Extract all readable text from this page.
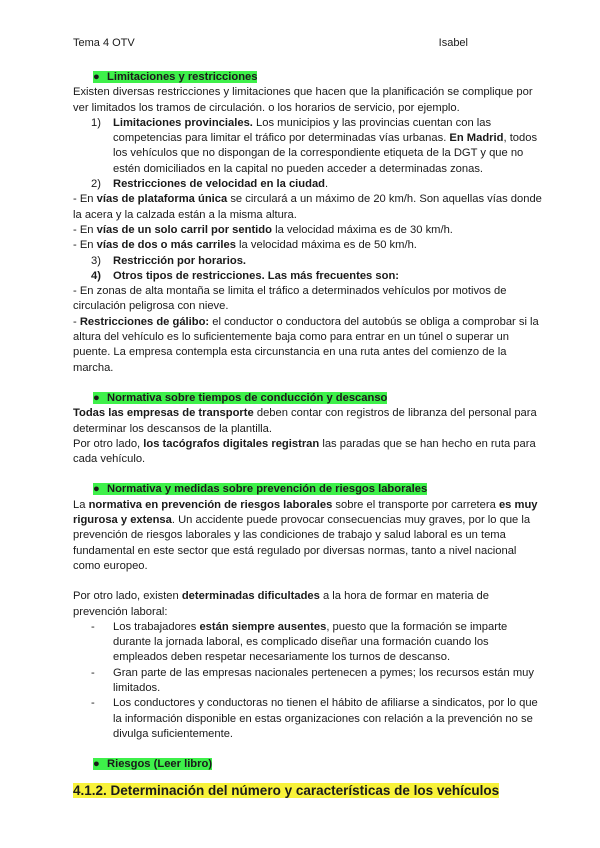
Tema 4 OTV	Isabel

● Limitaciones y restricciones

Existen diversas restricciones y limitaciones que hacen que la planificación se complique por ver limitados los tramos de circulación. o los horarios de servicio, por ejemplo.

1)	Limitaciones provinciales. Los municipios y las provincias cuentan con las competencias para limitar el tráfico por determinadas vías urbanas. En Madrid, todos los vehículos que no dispongan de la correspondiente etiqueta de la DGT y que no estén domiciliados en la capital no pueden acceder a determinadas zonas.
2)	Restricciones de velocidad en la ciudad.

- En vías de plataforma única se circulará a un máximo de 20 km/h. Son aquellas vías donde la acera y la calzada están a la misma altura.

- En vías de un solo carril por sentido la velocidad máxima es de 30 km/h.

- En vías de dos o más carriles la velocidad máxima es de 50 km/h.

3)	Restricción por horarios.
4)	Otros tipos de restricciones. Las más frecuentes son:

- En zonas de alta montaña se limita el tráfico a determinados vehículos por motivos de circulación peligrosa con nieve.

- Restricciones de gálibo: el conductor o conductora del autobús se obliga a comprobar si la altura del vehículo es lo suficientemente baja como para entrar en un túnel o superar un puente. La empresa contempla esta circunstancia en una ruta antes del comienzo de la marcha.

● Normativa sobre tiempos de conducción y descanso

Todas las empresas de transporte deben contar con registros de libranza del personal para determinar los descansos de la plantilla.

Por otro lado, los tacógrafos digitales registran las paradas que se han hecho en ruta para cada vehículo.

● Normativa y medidas sobre prevención de riesgos laborales

La normativa en prevención de riesgos laborales sobre el transporte por carretera es muy rigurosa y extensa. Un accidente puede provocar consecuencias muy graves, por lo que la prevención de riesgos laborales y las condiciones de trabajo y salud laboral es un tema fundamental en este sector que está regulado por diversas normas, tanto a nivel nacional como europeo.

Por otro lado, existen determinadas dificultades a la hora de formar en materia de prevención laboral:

-	Los trabajadores están siempre ausentes, puesto que la formación se imparte durante la jornada laboral, es complicado diseñar una formación cuando los empleados deben respetar necesariamente los turnos de descanso.
-	Gran parte de las empresas nacionales pertenecen a pymes; los recursos están muy limitados.
-	Los conductores y conductoras no tienen el hábito de afiliarse a sindicatos, por lo que la información disponible en estas organizaciones con relación a la prevención no se divulga suficientemente.

● Riesgos (Leer libro)

4.1.2. Determinación del número y características de los vehículos
